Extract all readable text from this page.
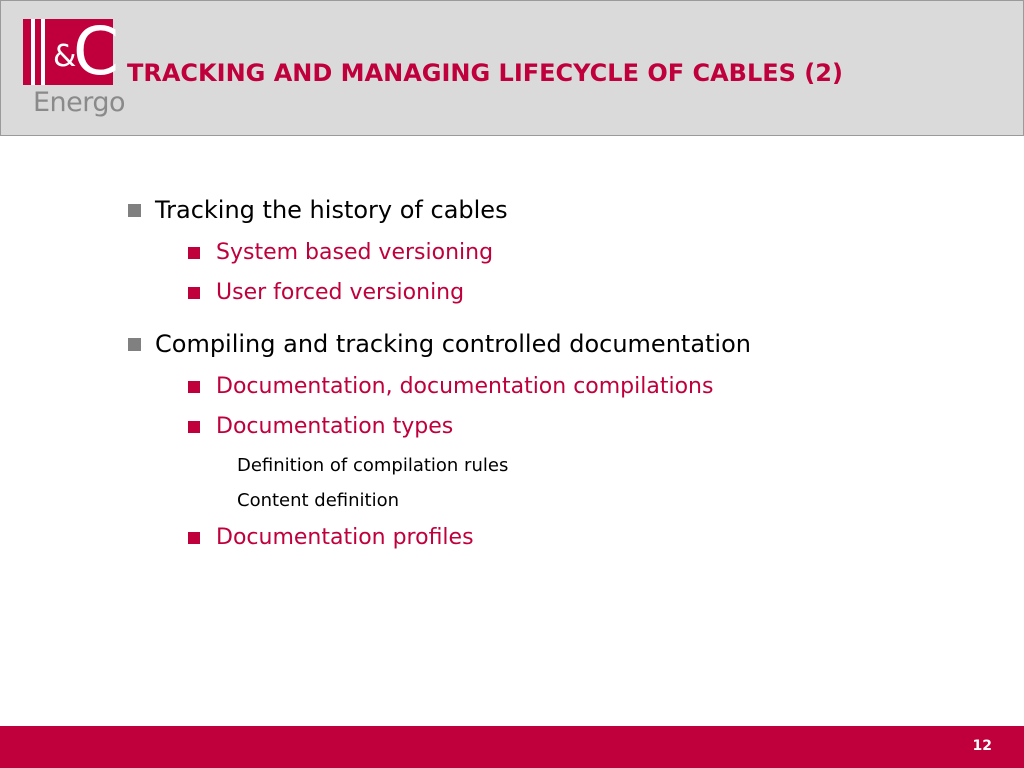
&
C
Energo
TRACKING AND MANAGING LIFECYCLE OF CABLES (2)
Tracking the history of cables
System based versioning
User forced versioning
Compiling and tracking controlled documentation
Documentation, documentation compilations
Documentation types
Definition of compilation rules
Content definition
Documentation profiles
12
